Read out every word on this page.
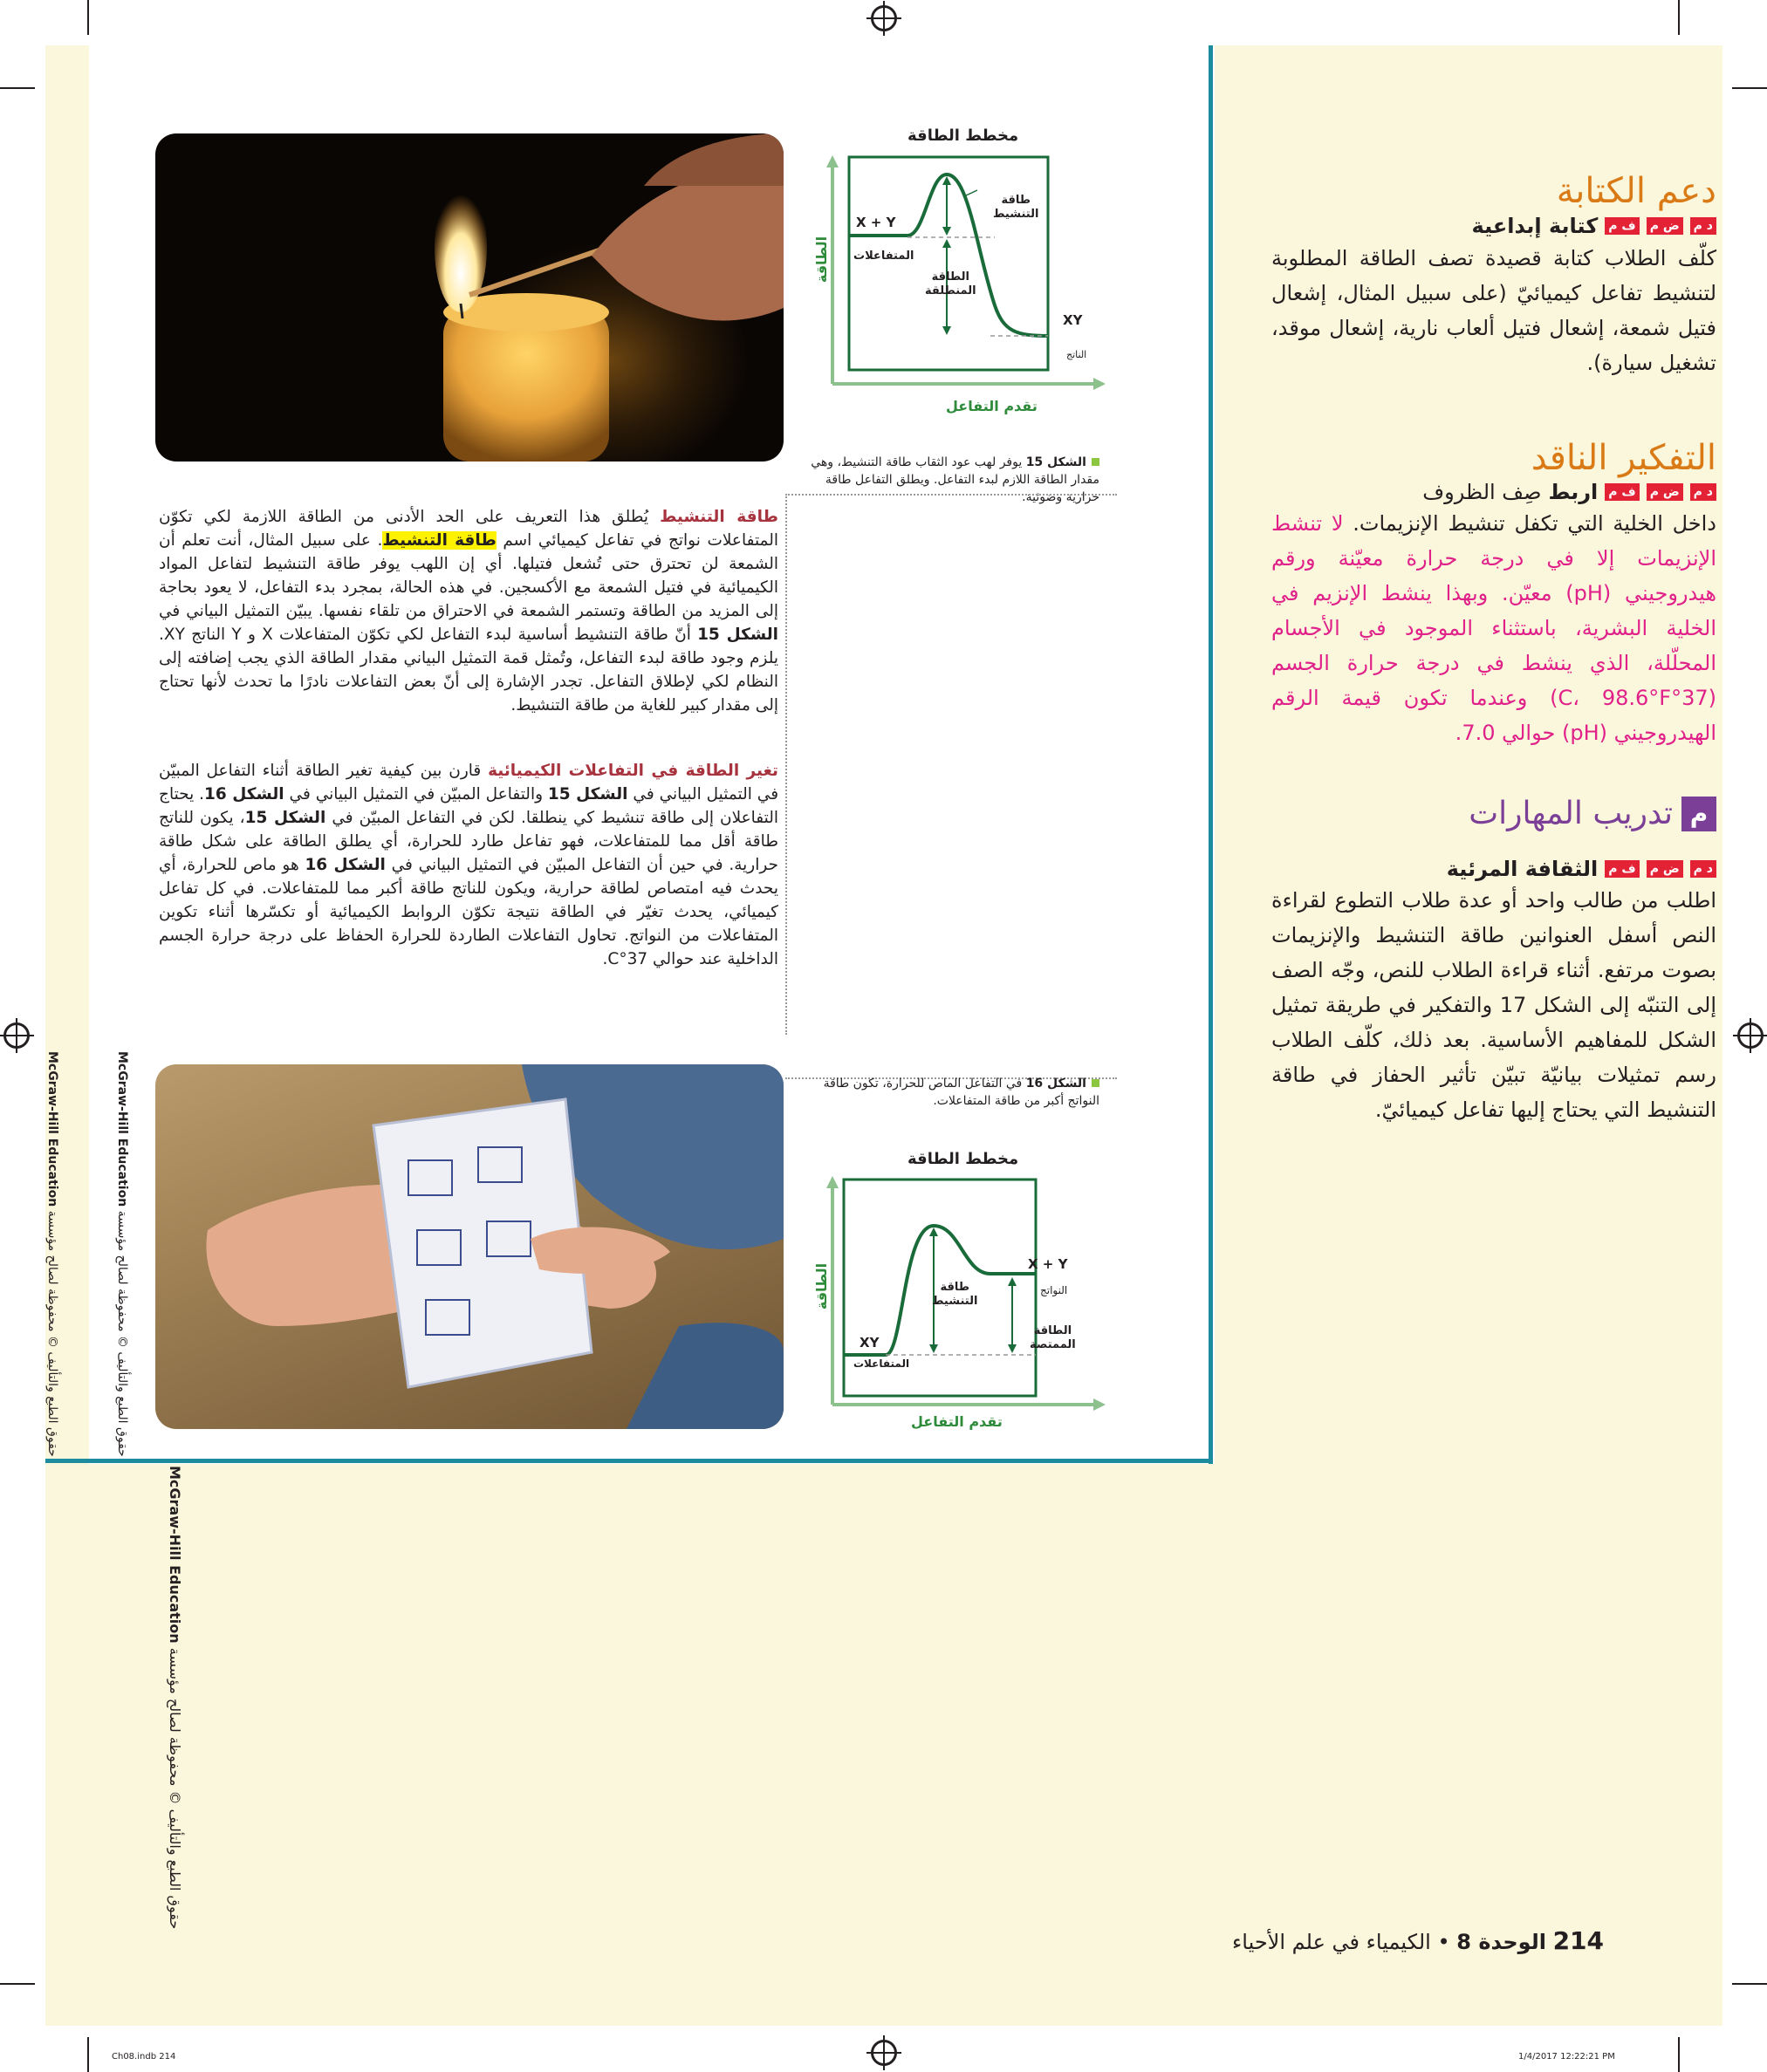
دعم الكتابة
د م
ض م
ف م
كتابة إبداعية
كلّف الطلاب كتابة قصيدة تصف الطاقة المطلوبة لتنشيط تفاعل كيميائيّ (على سبيل المثال، إشعال فتيل شمعة، إشعال فتيل ألعاب نارية، إشعال موقد، تشغيل سيارة).
التفكير الناقد
د م
ض م
ف م
اربط
صِف الظروف
داخل الخلية التي تكفل تنشيط الإنزيمات. لا تنشط الإنزيمات إلا في درجة حرارة معيّنة ورقم هيدروجيني (pH) معيّن. وبهذا ينشط الإنزيم في الخلية البشرية، باستثناء الموجود في الأجسام المحلّلة، الذي ينشط في درجة حرارة الجسم (37°C، 98.6°F) وعندما تكون قيمة الرقم الهيدروجيني (pH) حوالي 7.0.
م
تدريب المهارات
د م
ض م
ف م
الثقافة المرئية
اطلب من طالب واحد أو عدة طلاب التطوع لقراءة النص أسفل العنوانين طاقة التنشيط والإنزيمات بصوت مرتفع. أثناء قراءة الطلاب للنص، وجّه الصف إلى التنبّه إلى الشكل 17 والتفكير في طريقة تمثيل الشكل للمفاهيم الأساسية. بعد ذلك، كلّف الطلاب رسم تمثيلات بيانيّة تبيّن تأثير الحفاز في طاقة التنشيط التي يحتاج إليها تفاعل كيميائيّ.
مخطط الطاقة
الطاقة
X + Y
المتفاعلات
XY
الناتج
طاقة
التنشيط
الطاقة
المنطلقة
تقدم التفاعل
الشكل 15 يوفر لهب عود الثقاب طاقة التنشيط، وهي مقدار الطاقة اللازم لبدء التفاعل. ويطلق التفاعل طاقة حرارية وضوئية.
طاقة التنشيط يُطلق هذا التعريف على الحد الأدنى من الطاقة اللازمة لكي تكوّن المتفاعلات نواتج في تفاعل كيميائي اسم طاقة التنشيط. على سبيل المثال، أنت تعلم أن الشمعة لن تحترق حتى تُشعل فتيلها. أي إن اللهب يوفر طاقة التنشيط لتفاعل المواد الكيميائية في فتيل الشمعة مع الأكسجين. في هذه الحالة، بمجرد بدء التفاعل، لا يعود بحاجة إلى المزيد من الطاقة وتستمر الشمعة في الاحتراق من تلقاء نفسها. يبيّن التمثيل البياني في الشكل 15 أنّ طاقة التنشيط أساسية لبدء التفاعل لكي تكوّن المتفاعلات X و Y الناتج XY. يلزم وجود طاقة لبدء التفاعل، وتُمثل قمة التمثيل البياني مقدار الطاقة الذي يجب إضافته إلى النظام لكي لإطلاق التفاعل. تجدر الإشارة إلى أنّ بعض التفاعلات نادرًا ما تحدث لأنها تحتاج إلى مقدار كبير للغاية من طاقة التنشيط.
تغير الطاقة في التفاعلات الكيميائية قارن بين كيفية تغير الطاقة أثناء التفاعل المبيّن في التمثيل البياني في الشكل 15 والتفاعل المبيّن في التمثيل البياني في الشكل 16. يحتاج التفاعلان إلى طاقة تنشيط كي ينطلقا. لكن في التفاعل المبيّن في الشكل 15، يكون للناتج طاقة أقل مما للمتفاعلات، فهو تفاعل طارد للحرارة، أي يطلق الطاقة على شكل طاقة حرارية. في حين أن التفاعل المبيّن في التمثيل البياني في الشكل 16 هو ماص للحرارة، أي يحدث فيه امتصاص لطاقة حرارية، ويكون للناتج طاقة أكبر مما للمتفاعلات. في كل تفاعل كيميائي، يحدث تغيّر في الطاقة نتيجة تكوّن الروابط الكيميائية أو تكسّرها أثناء تكوين المتفاعلات من النواتج. تحاول التفاعلات الطاردة للحرارة الحفاظ على درجة حرارة الجسم الداخلية عند حوالي 37°C.
الشكل 16 في التفاعل الماص للحرارة، تكون طاقة النواتج أكبر من طاقة المتفاعلات.
مخطط الطاقة
الطاقة
XY
المتفاعلات
X + Y
النواتج
طاقة
التنشيط
الطاقة
الممتصة
تقدم التفاعل
McGraw-Hill Education حقوق الطبع والتأليف © محفوظة لصالح مؤسسة
McGraw-Hill Education حقوق الطبع والتأليف © محفوظة لصالح مؤسسة
McGraw-Hill Education حقوق الطبع والتأليف © محفوظة لصالح مؤسسة
214 الوحدة 8 • الكيمياء في علم الأحياء
Ch08.indb 214	1/4/2017 12:22:21 PM
